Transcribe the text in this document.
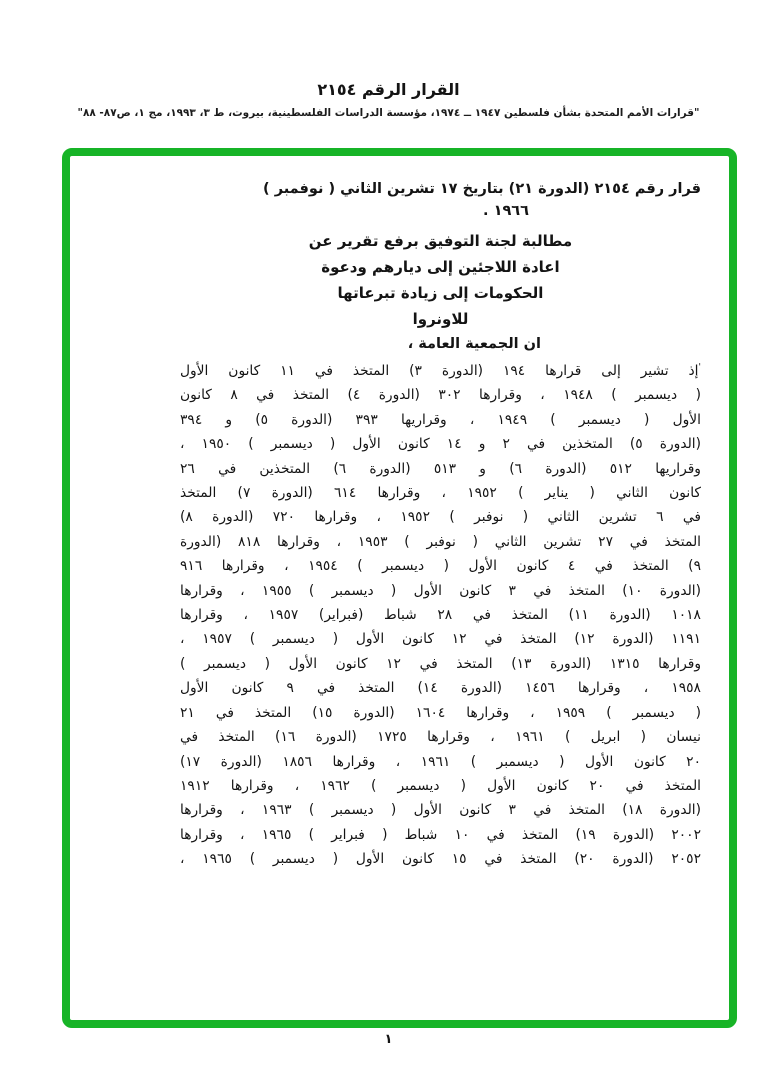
القرار الرقم ٢١٥٤
"قرارات الأمم المتحدة بشأن فلسطين ١٩٤٧ ــ ١٩٧٤، مؤسسة الدراسات الفلسطينية، بيروت، ط ٣، ١٩٩٣، مج ١، ص٨٧- ٨٨"
قرار رقم ٢١٥٤ (الدورة ٢١) بتاريخ ١٧ تشرين الثاني ( نوفمبر )
١٩٦٦ .
مطالبة لجنة التوفيق برفع تقرير عن
اعادة اللاجئين إلى ديارهم ودعوة
الحكومات إلى زيادة تبرعاتها
للاونروا
ان الجمعية العامة ،
'إذ تشير إلى قرارها ١٩٤ (الدورة ٣) المتخذ في ١١ كانون الأول
( ديسمبر ) ١٩٤٨ ، وقرارها ٣٠٢ (الدورة ٤) المتخذ في ٨ كانون
الأول ( ديسمبر ) ١٩٤٩ ، وقراريها ٣٩٣ (الدورة ٥) و ٣٩٤
(الدورة ٥) المتخذين في ٢ و ١٤ كانون الأول ( ديسمبر ) ١٩٥٠ ،
وقراريها ٥١٢ (الدورة ٦) و ٥١٣ (الدورة ٦) المتخذين في ٢٦
كانون الثاني ( يناير ) ١٩٥٢ ، وقرارها ٦١٤ (الدورة ٧) المتخذ
في ٦ تشرين الثاني ( نوفبر ) ١٩٥٢ ، وقرارها ٧٢٠ (الدورة ٨)
المتخذ في ٢٧ تشرين الثاني ( نوفبر ) ١٩٥٣ ، وقرارها ٨١٨ (الدورة
٩) المتخذ في ٤ كانون الأول ( ديسمبر ) ١٩٥٤ ، وقرارها ٩١٦
(الدورة ١٠) المتخذ في ٣ كانون الأول ( ديسمبر ) ١٩٥٥ ، وقرارها
١٠١٨ (الدورة ١١) المتخذ في ٢٨ شباط (فبراير) ١٩٥٧ ، وقرارها
١١٩١ (الدورة ١٢) المتخذ في ١٢ كانون الأول ( ديسمبر ) ١٩٥٧ ،
وقرارها ١٣١٥ (الدورة ١٣) المتخذ في ١٢ كانون الأول ( ديسمبر )
١٩٥٨ ، وقرارها ١٤٥٦ (الدورة ١٤) المتخذ في ٩ كانون الأول
( ديسمبر ) ١٩٥٩ ، وقرارها ١٦٠٤ (الدورة ١٥) المتخذ في ٢١
نيسان ( ابريل ) ١٩٦١ ، وقرارها ١٧٢٥ (الدورة ١٦) المتخذ في
٢٠ كانون الأول ( ديسمبر ) ١٩٦١ ، وقرارها ١٨٥٦ (الدورة ١٧)
المتخذ في ٢٠ كانون الأول ( ديسمبر ) ١٩٦٢ ، وقرارها ١٩١٢
(الدورة ١٨) المتخذ في ٣ كانون الأول ( ديسمبر ) ١٩٦٣ ، وقرارها
٢٠٠٢ (الدورة ١٩) المتخذ في ١٠ شباط ( فبراير ) ١٩٦٥ ، وقرارها
٢٠٥٢ (الدورة ٢٠) المتخذ في ١٥ كانون الأول ( ديسمبر ) ١٩٦٥ ،
١
